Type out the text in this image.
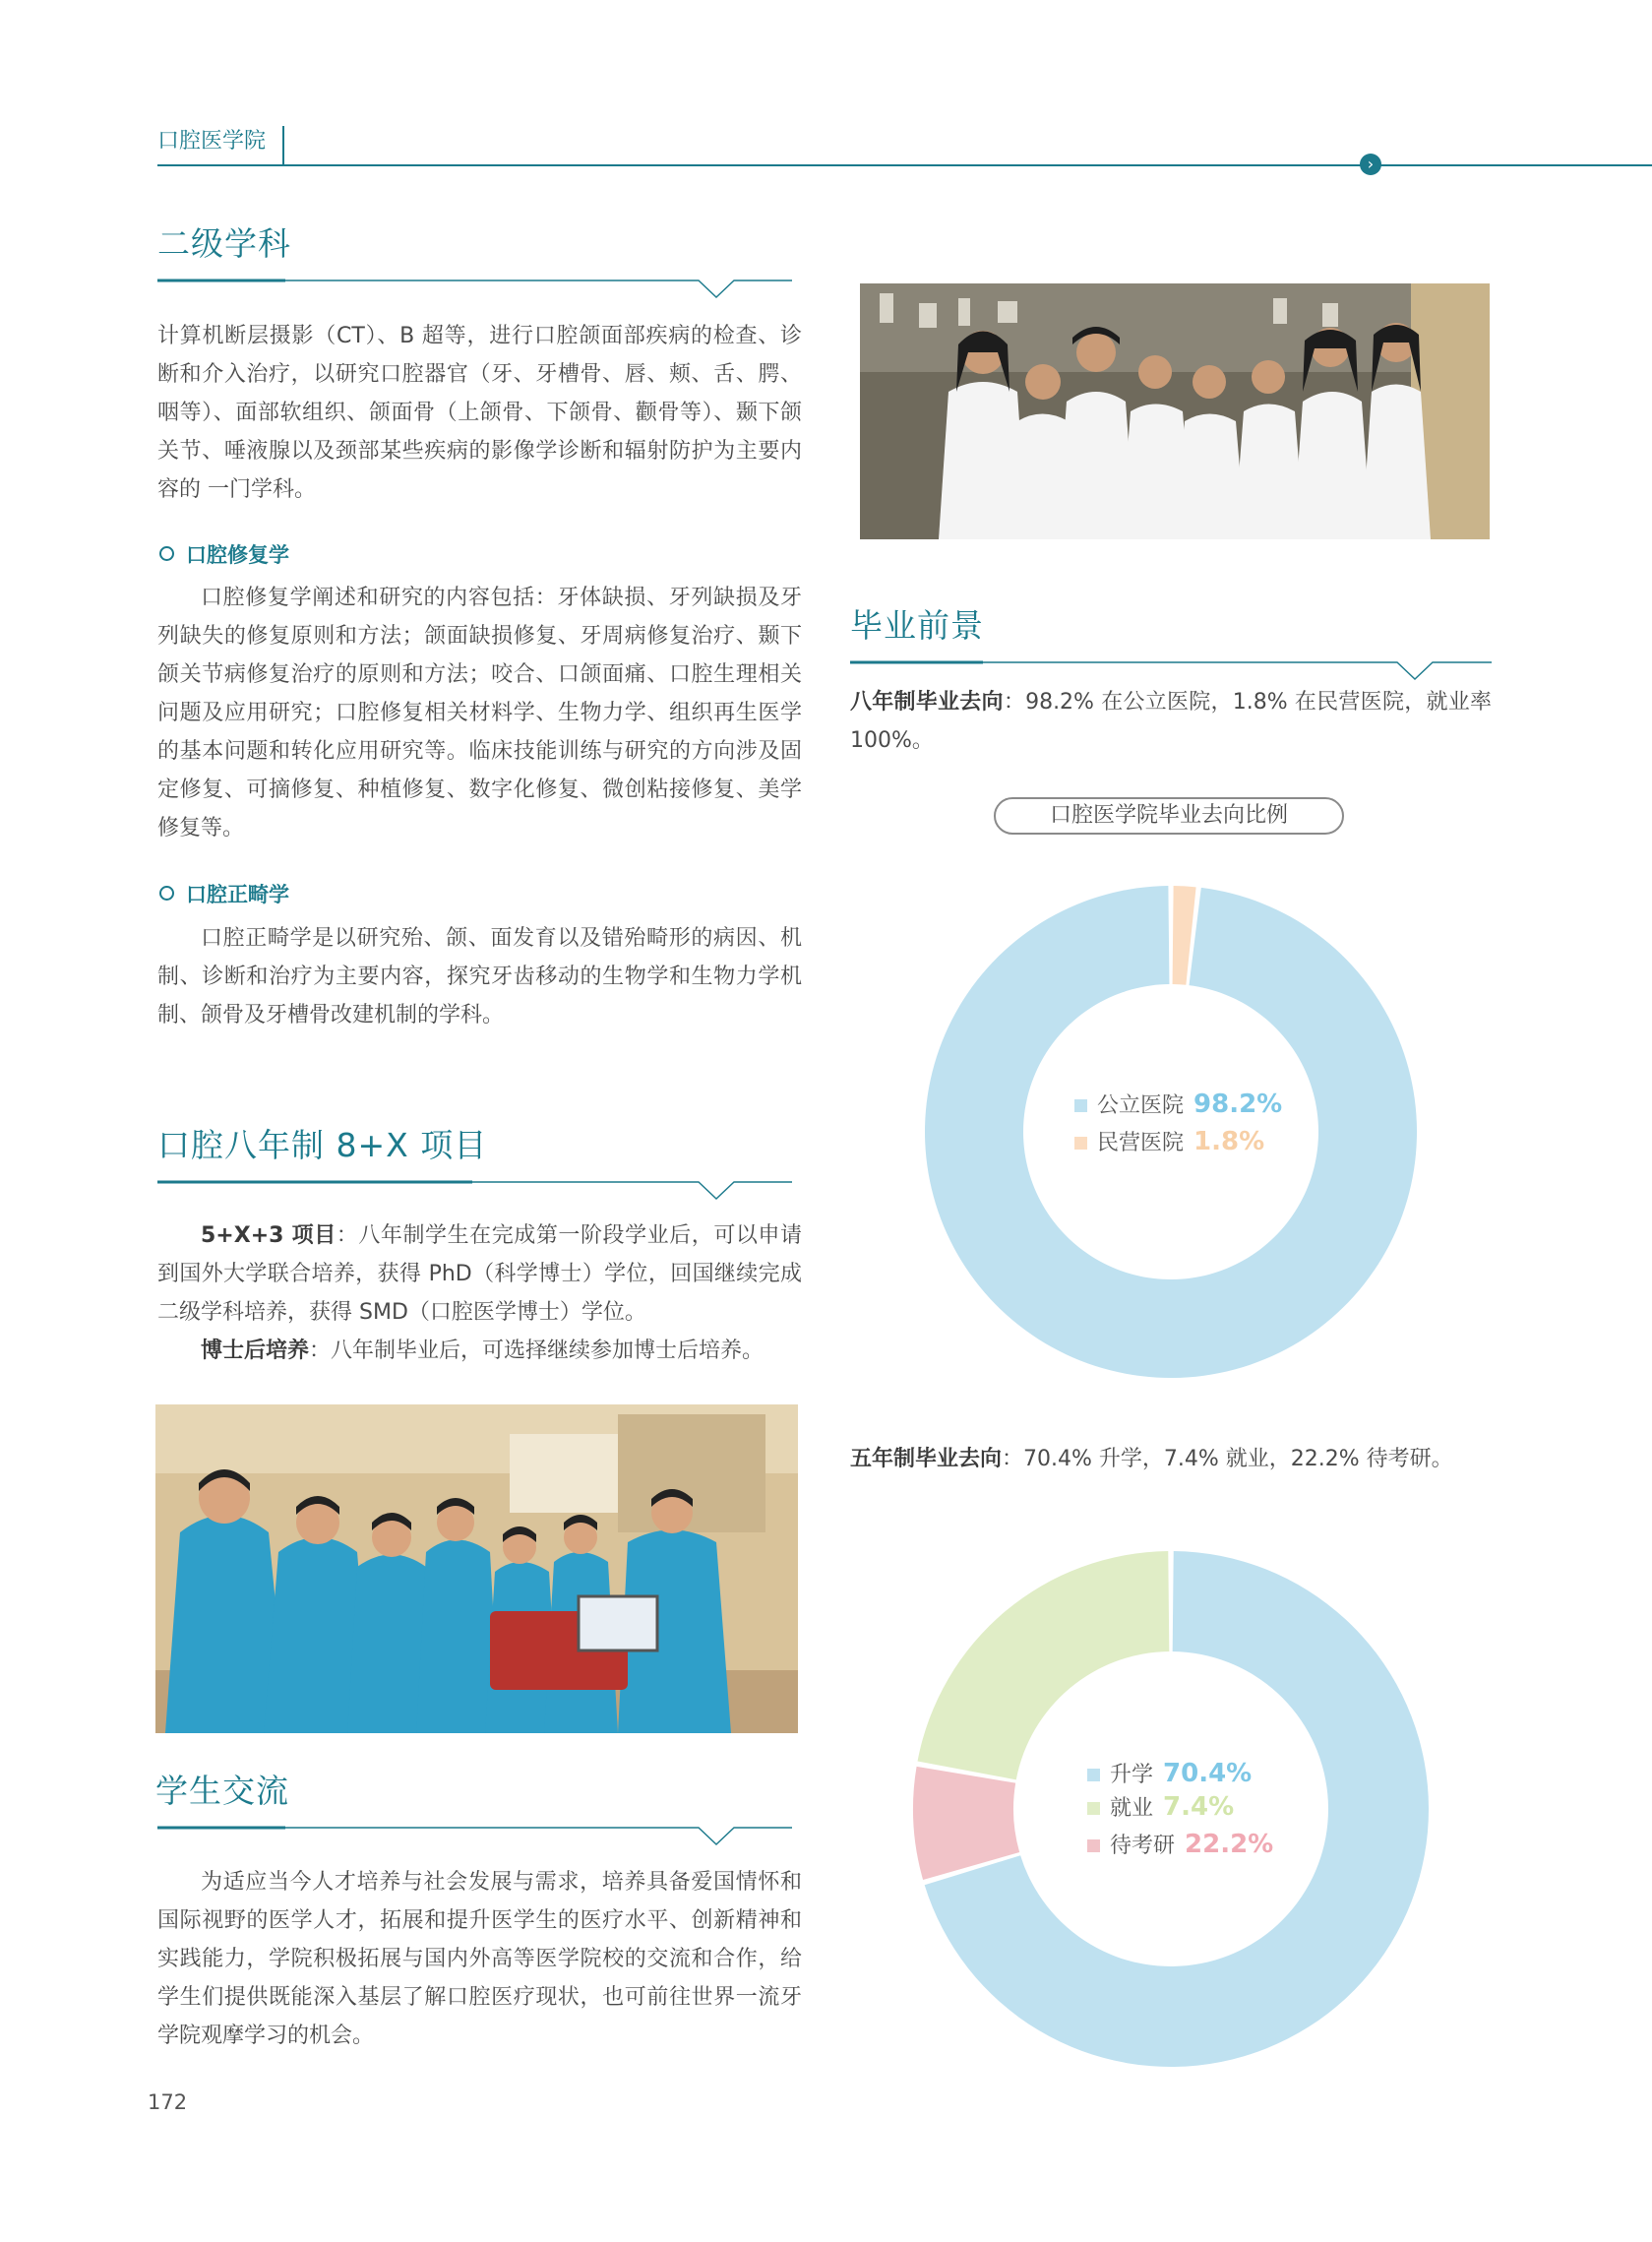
口腔医学院
›
二级学科

计算机断层摄影（CT）、B 超等，进行口腔颌面部疾病的检查、诊断和介入治疗，以研究口腔器官（牙、牙槽骨、唇、颊、舌、腭、咽等）、面部软组织、颌面骨（上颌骨、下颌骨、颧骨等）、颞下颌关节、唾液腺以及颈部某些疾病的影像学诊断和辐射防护为主要内容的 一门学科。

口腔修复学

口腔修复学阐述和研究的内容包括：牙体缺损、牙列缺损及牙列缺失的修复原则和方法；颌面缺损修复、牙周病修复治疗、颞下颌关节病修复治疗的原则和方法；咬合、口颌面痛、口腔生理相关问题及应用研究；口腔修复相关材料学、生物力学、组织再生医学的基本问题和转化应用研究等。临床技能训练与研究的方向涉及固定修复、可摘修复、种植修复、数字化修复、微创粘接修复、美学修复等。

口腔正畸学

口腔正畸学是以研究殆、颌、面发育以及错殆畸形的病因、机制、诊断和治疗为主要内容，探究牙齿移动的生物学和生物力学机制、颌骨及牙槽骨改建机制的学科。

口腔八年制 8+X 项目

5+X+3 项目：八年制学生在完成第一阶段学业后，可以申请到国外大学联合培养，获得 PhD（科学博士）学位，回国继续完成二级学科培养，获得 SMD（口腔医学博士）学位。

博士后培养：八年制毕业后，可选择继续参加博士后培养。

学生交流

为适应当今人才培养与社会发展与需求，培养具备爱国情怀和国际视野的医学人才，拓展和提升医学生的医疗水平、创新精神和实践能力，学院积极拓展与国内外高等医学院校的交流和合作，给学生们提供既能深入基层了解口腔医疗现状，也可前往世界一流牙学院观摩学习的机会。

172
毕业前景

八年制毕业去向：98.2% 在公立医院，1.8% 在民营医院，就业率 100%。

口腔医学院毕业去向比例
公立医院 98.2%
民营医院 1.8%

五年制毕业去向：70.4% 升学，7.4% 就业，22.2% 待考研。

升学 70.4%
就业 7.4%
待考研 22.2%
